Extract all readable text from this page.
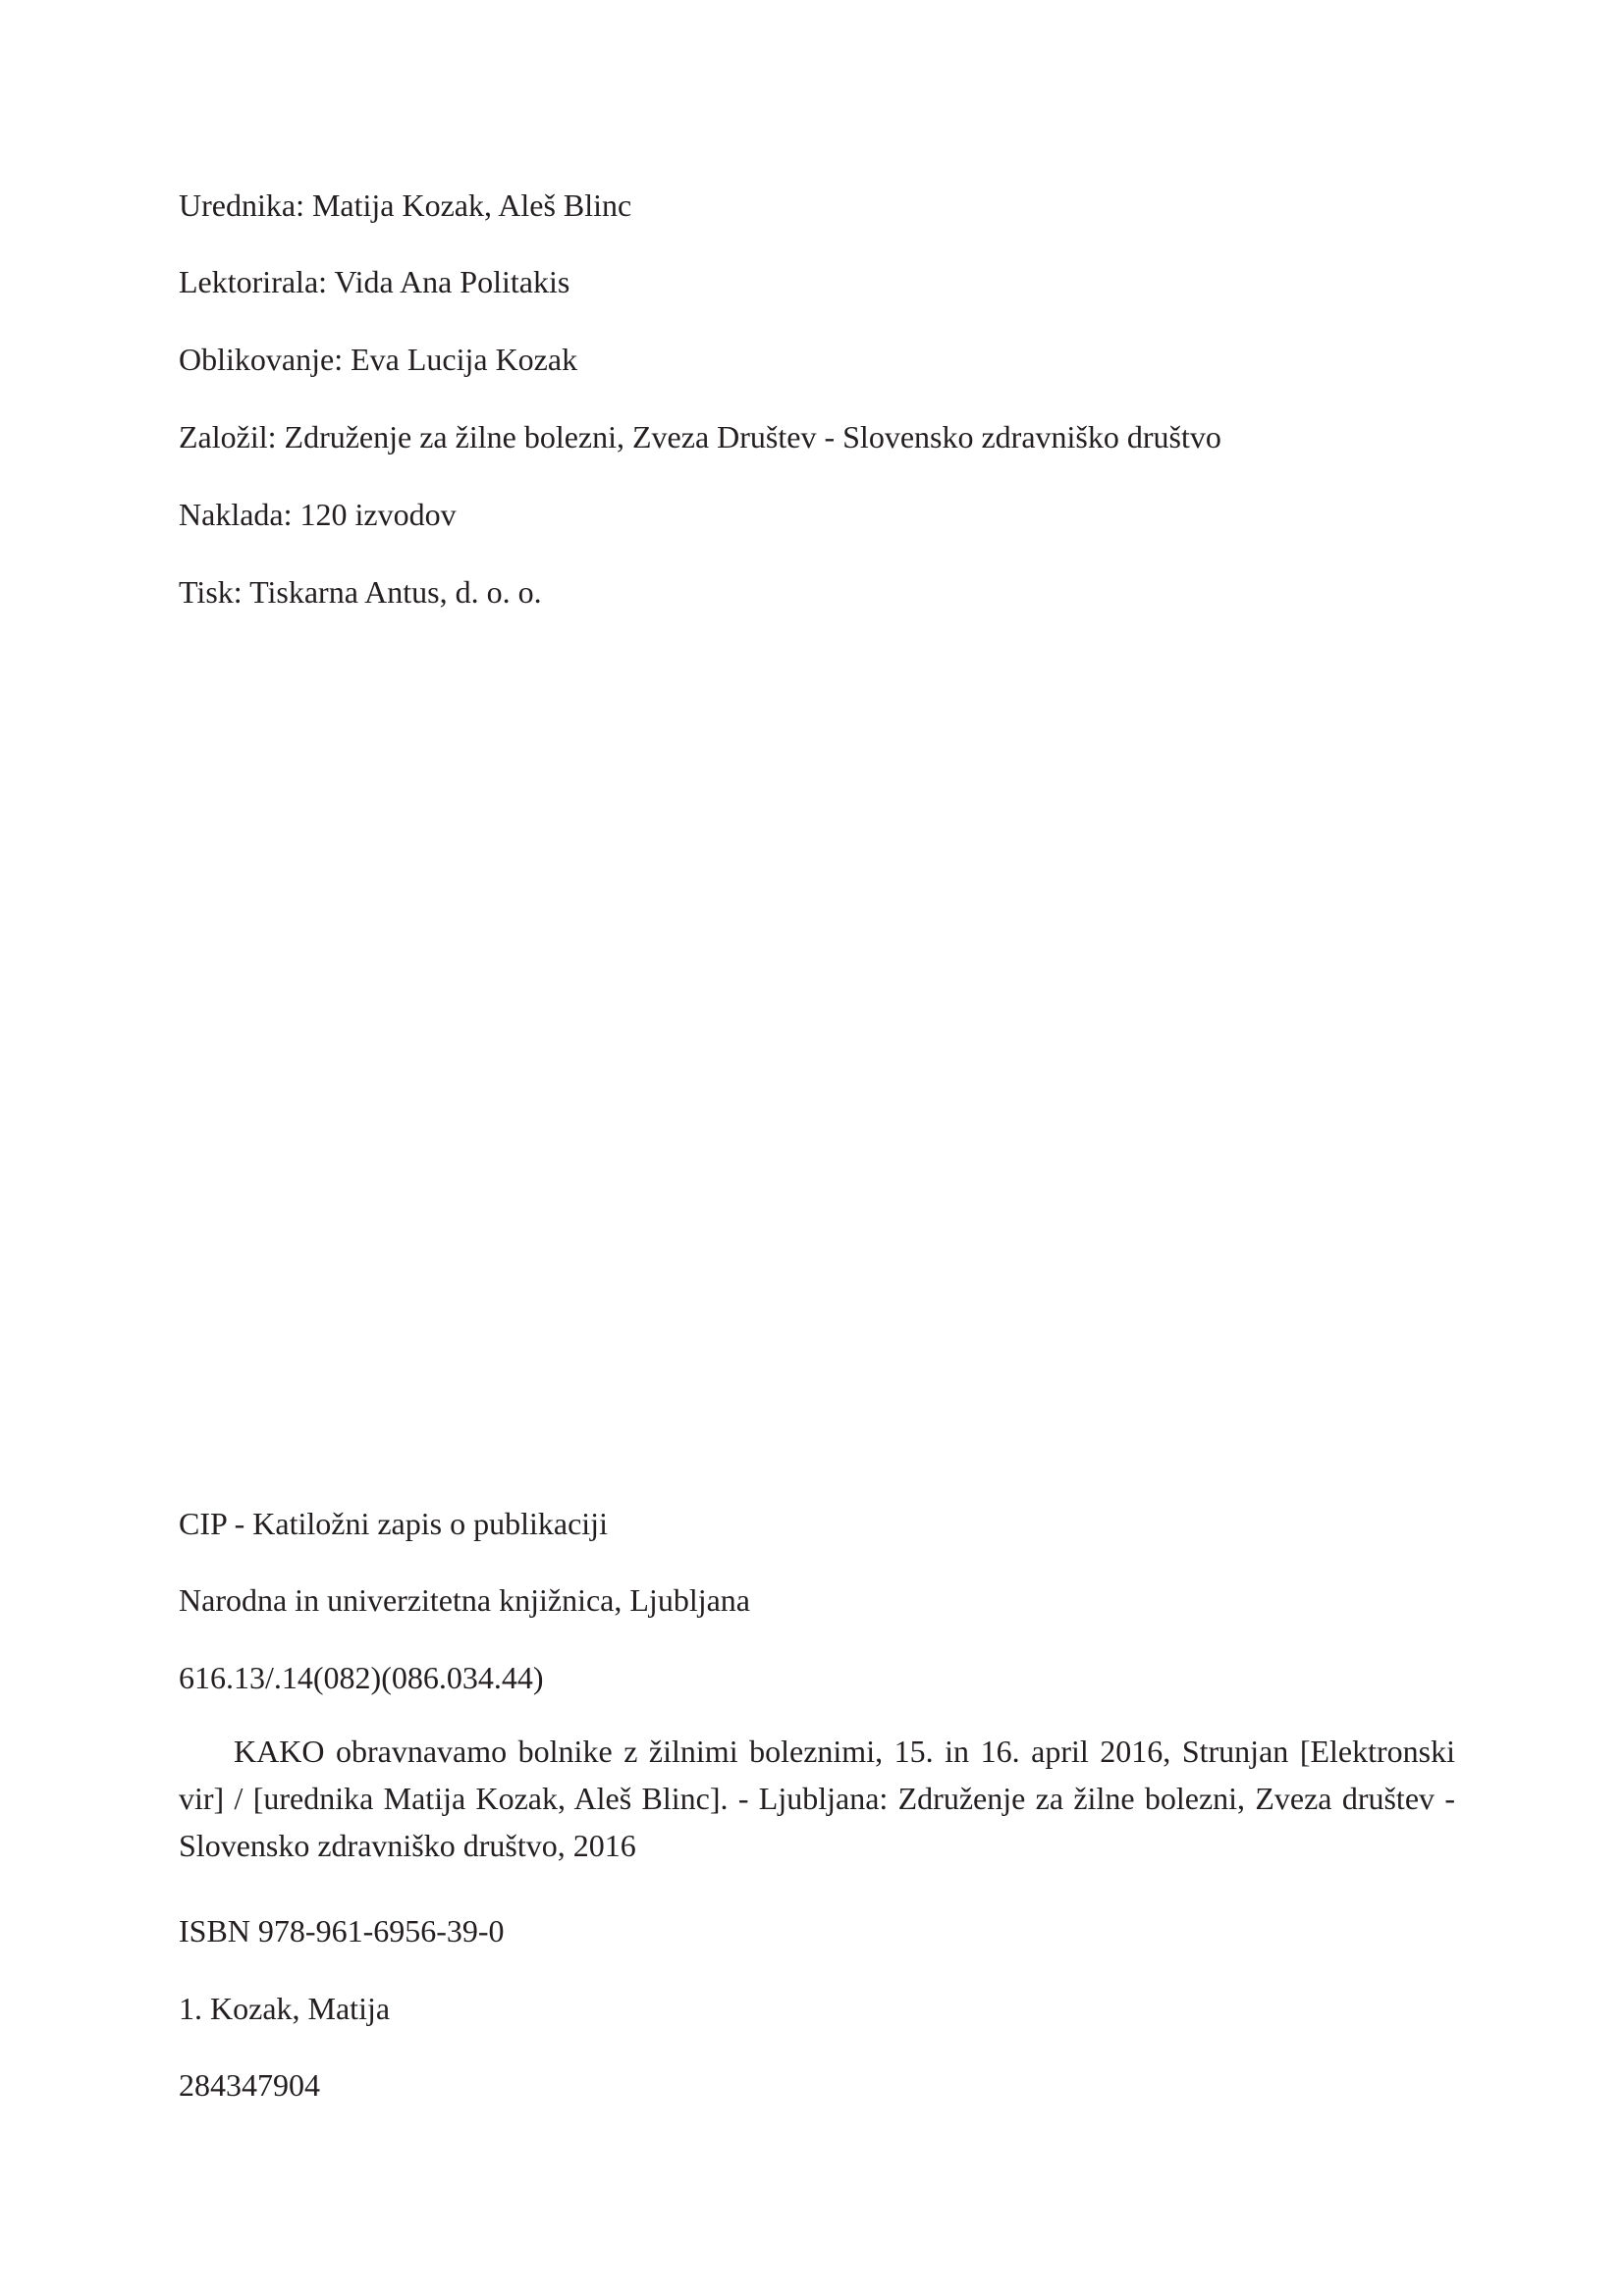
Urednika: Matija Kozak, Aleš Blinc

Lektorirala: Vida Ana Politakis

Oblikovanje: Eva Lucija Kozak

Založil: Združenje za žilne bolezni, Zveza Društev - Slovensko zdravniško društvo

Naklada: 120 izvodov

Tisk: Tiskarna Antus, d. o. o.

CIP - Katiložni zapis o publikaciji

Narodna in univerzitetna knjižnica, Ljubljana

616.13/.14(082)(086.034.44)

KAKO obravnavamo bolnike z žilnimi boleznimi, 15. in 16. april 2016, Strunjan [Elektronski vir] / [urednika Matija Kozak, Aleš Blinc]. - Ljubljana: Združenje za žilne bolezni, Zveza društev - Slovensko zdravniško društvo, 2016

ISBN 978-961-6956-39-0

1. Kozak, Matija

284347904
